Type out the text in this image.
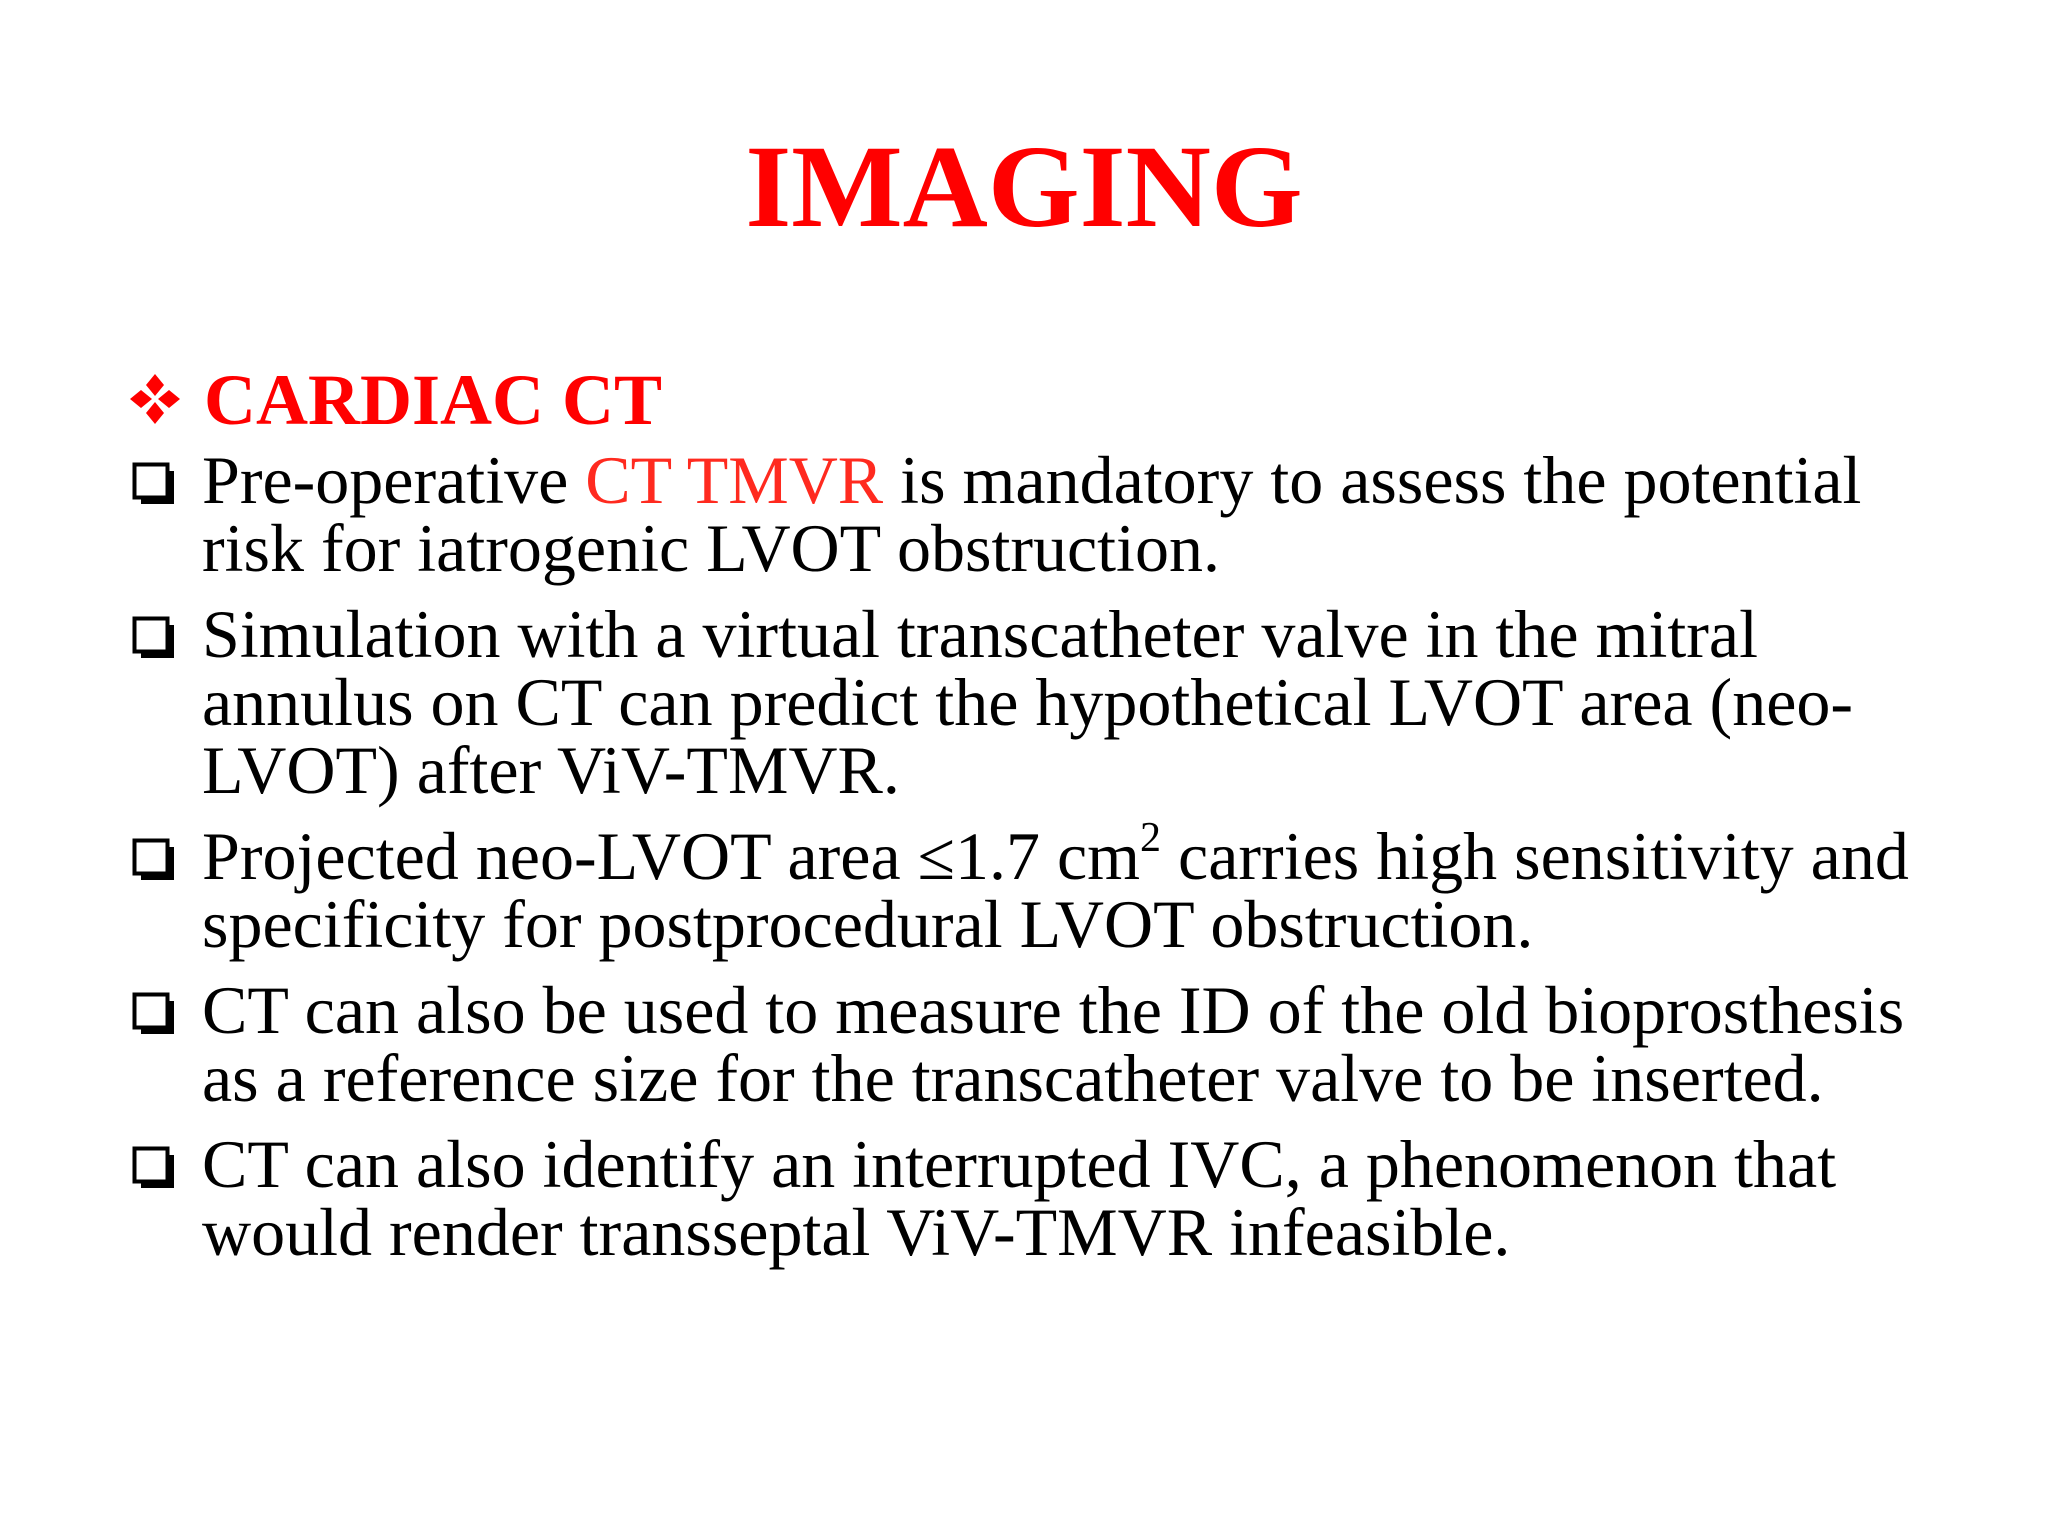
IMAGING
CARDIAC CT
Pre-operative CT TMVR is mandatory to assess the potential risk for iatrogenic LVOT obstruction.
Simulation with a virtual transcatheter valve in the mitral annulus on CT can predict the hypothetical LVOT area (neo-LVOT) after ViV-TMVR.
Projected neo-LVOT area ≤1.7 $cm^2$ carries high sensitivity and specificity for postprocedural LVOT obstruction.
CT can also be used to measure the ID of the old bioprosthesis as a reference size for the transcatheter valve to be inserted.
CT can also identify an interrupted IVC, a phenomenon that would render transseptal ViV-TMVR infeasible.
